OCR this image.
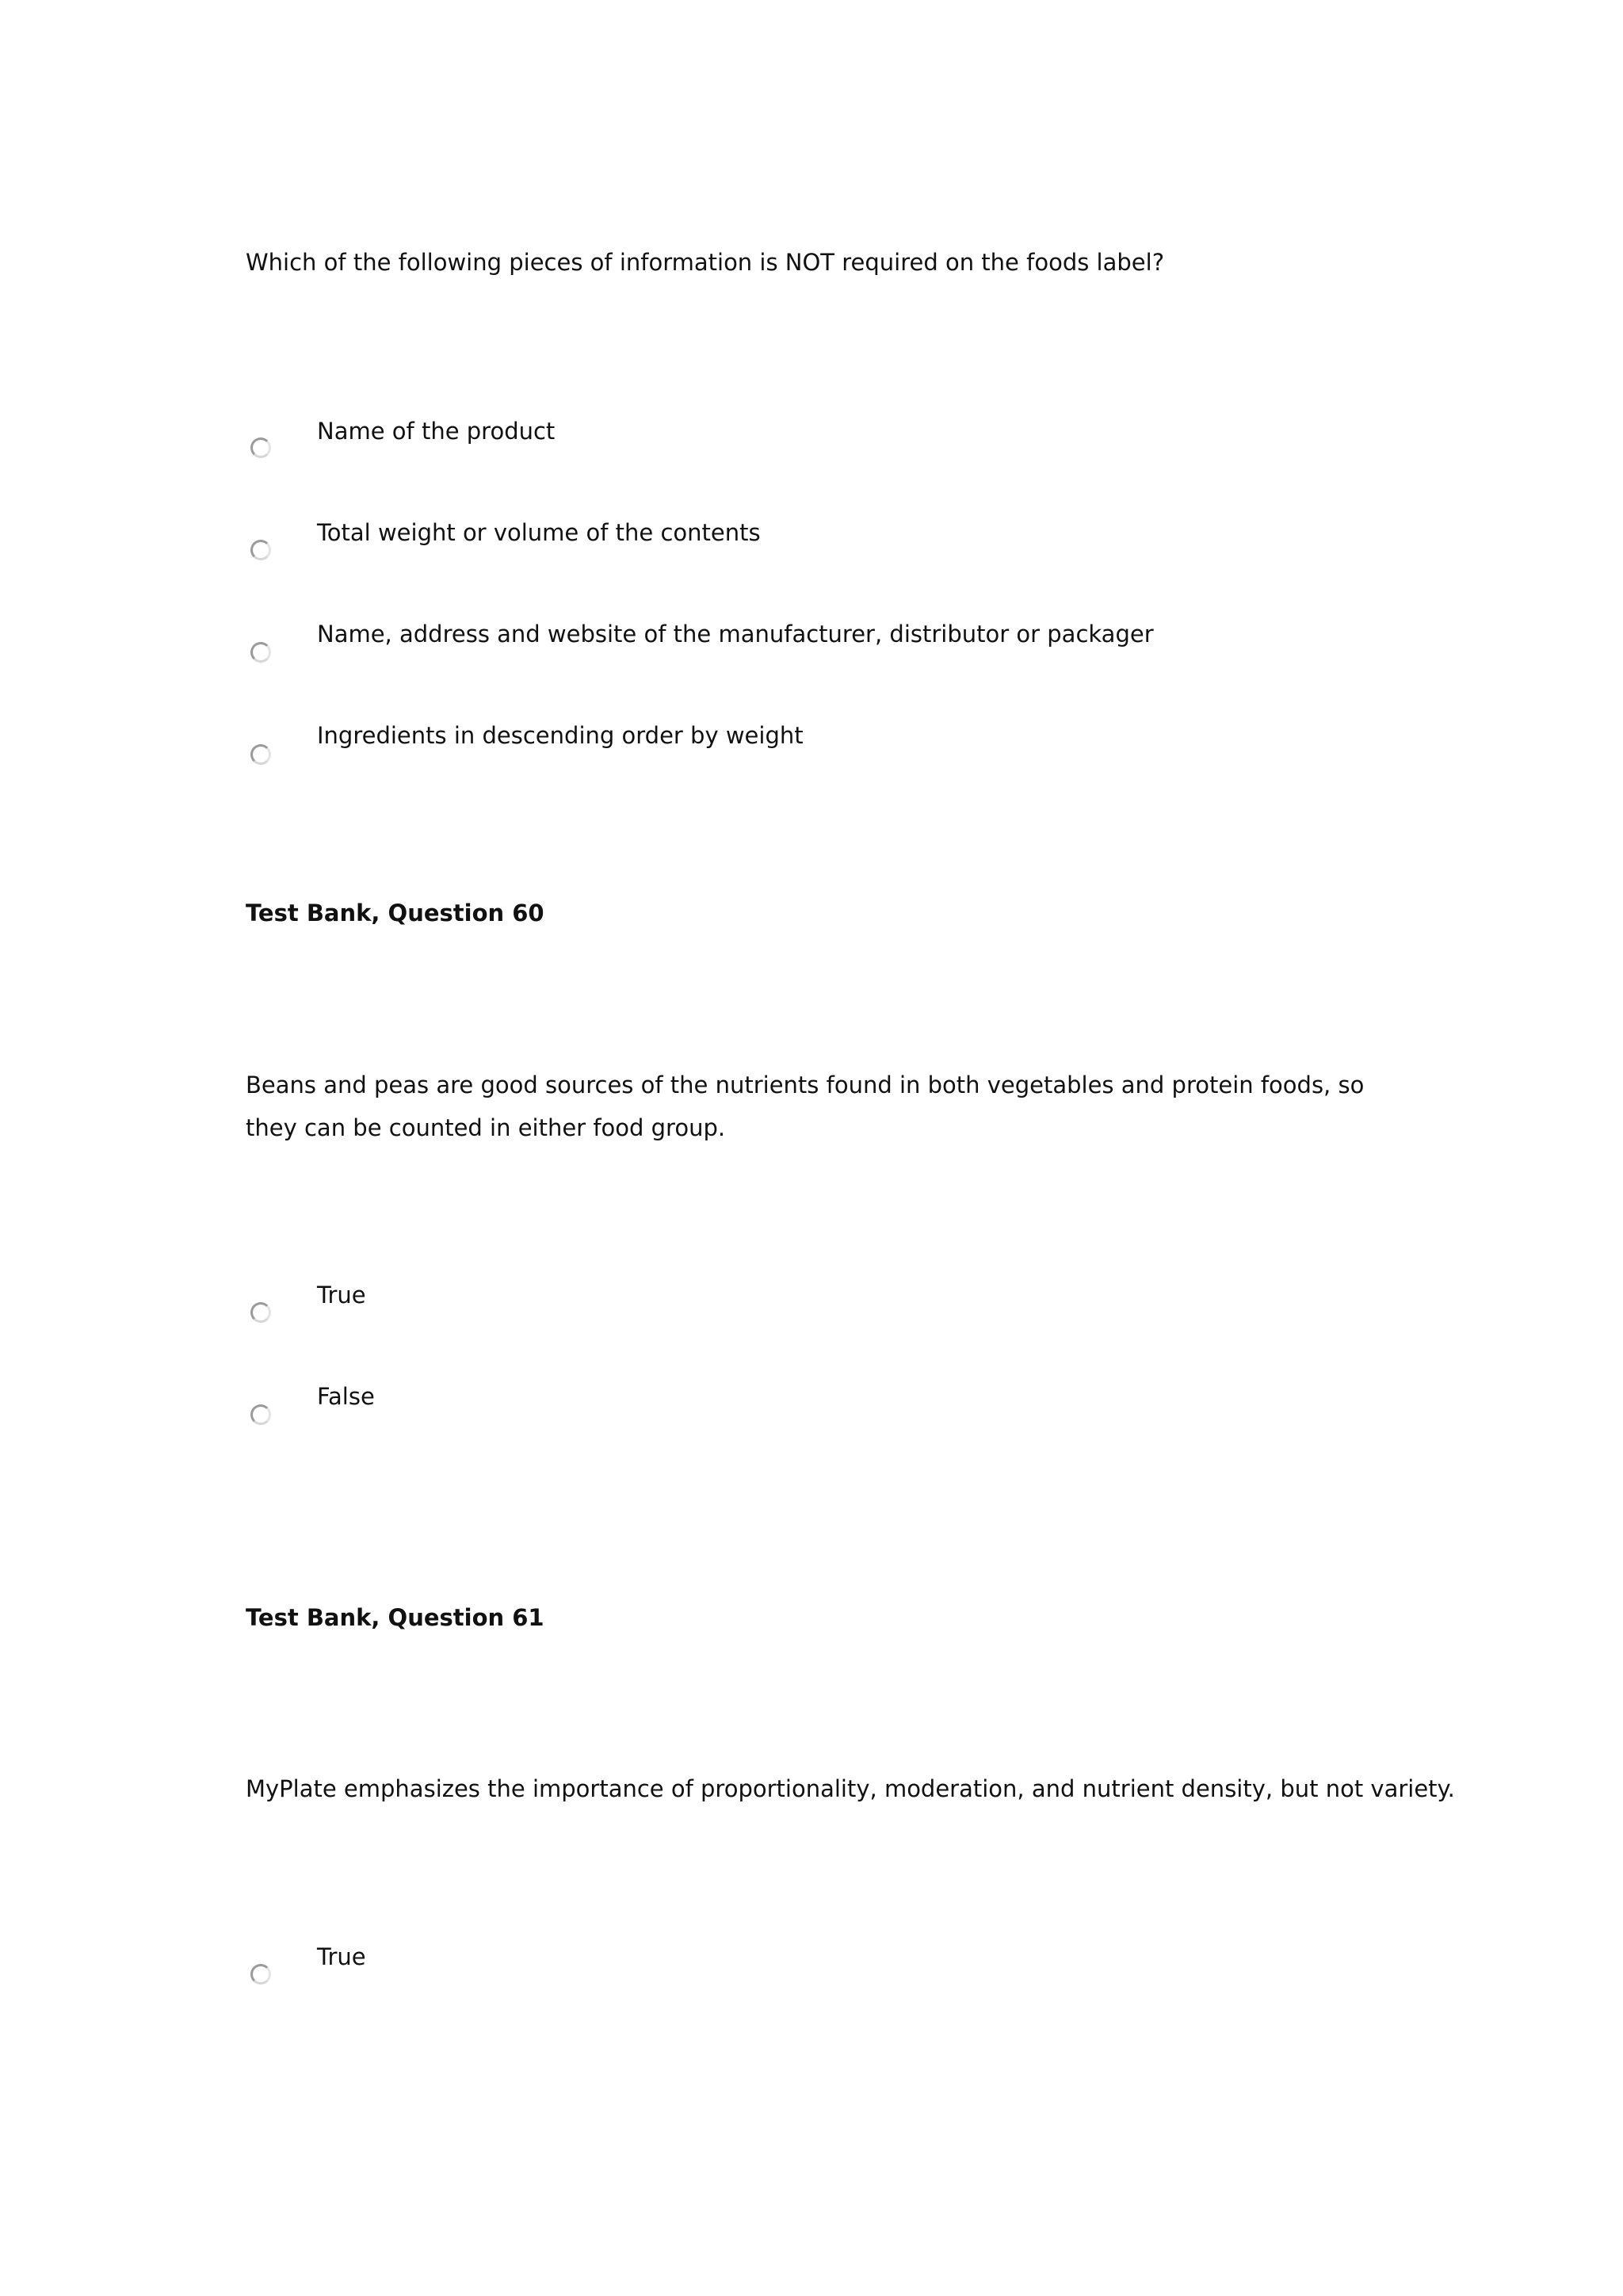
Which of the following pieces of information is NOT required on the foods label?
Name of the product
Total weight or volume of the contents
Name, address and website of the manufacturer, distributor or packager
Ingredients in descending order by weight
Test Bank, Question 60
Beans and peas are good sources of the nutrients found in both vegetables and protein foods, so they can be counted in either food group.
True
False
Test Bank, Question 61
MyPlate emphasizes the importance of proportionality, moderation, and nutrient density, but not variety.
True
